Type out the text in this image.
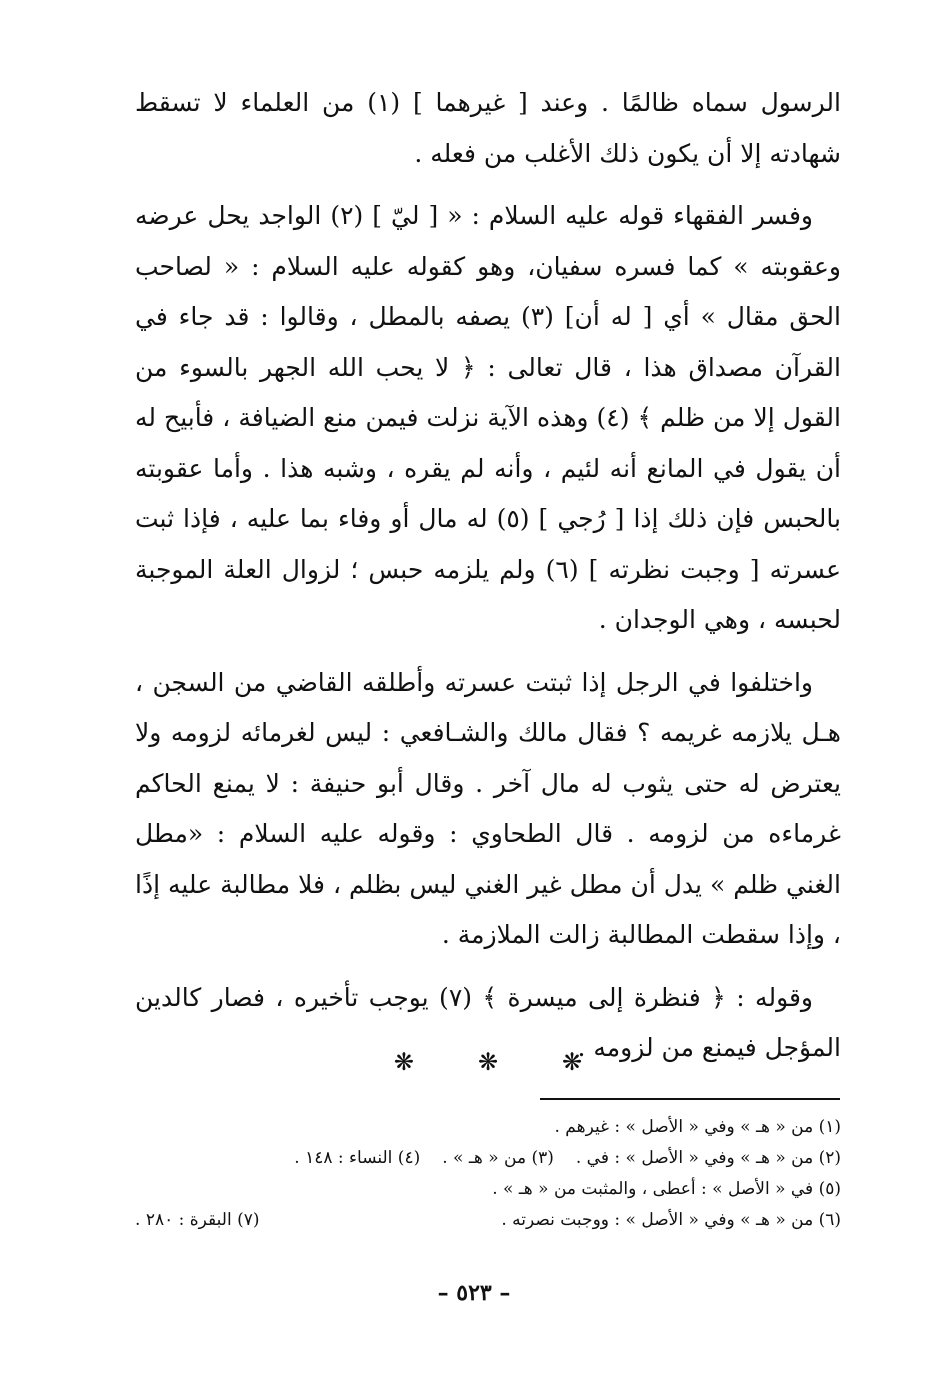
الرسول سماه ظالمًا . وعند [ غيرهما ] (١) من العلماء لا تسقط شهادته إلا أن يكون ذلك الأغلب من فعله .

وفسر الفقهاء قوله عليه السلام : « [ ليّ ] (٢) الواجد يحل عرضه وعقوبته » كما فسره سفيان، وهو كقوله عليه السلام : « لصاحب الحق مقال » أي [ له أن] (٣) يصفه بالمطل ، وقالوا : قد جاء في القرآن مصداق هذا ، قال تعالى : ﴿ لا يحب الله الجهر بالسوء من القول إلا من ظلم ﴾ (٤) وهذه الآية نزلت فيمن منع الضيافة ، فأبيح له أن يقول في المانع أنه لئيم ، وأنه لم يقره ، وشبه هذا . وأما عقوبته بالحبس فإن ذلك إذا [ رُجي ] (٥) له مال أو وفاء بما عليه ، فإذا ثبت عسرته [ وجبت نظرته ] (٦) ولم يلزمه حبس ؛ لزوال العلة الموجبة لحبسه ، وهي الوجدان .

واختلفوا في الرجل إذا ثبتت عسرته وأطلقه القاضي من السجن ، هـل يلازمه غريمه ؟ فقال مالك والشـافعي : ليس لغرمائه لزومه ولا يعترض له حتى يثوب له مال آخر . وقال أبو حنيفة : لا يمنع الحاكم غرماءه من لزومه . قال الطحاوي : وقوله عليه السلام : «مطل الغني ظلم » يدل أن مطل غير الغني ليس بظلم ، فلا مطالبة عليه إذًا ، وإذا سقطت المطالبة زالت الملازمة .

وقوله : ﴿ فنظرة إلى ميسرة ﴾ (٧) يوجب تأخيره ، فصار كالدين المؤجل فيمنع من لزومه .

❋	❋	❋
(١) من « هـ » وفي « الأصل » : غيرهم .
(٢) من « هـ » وفي « الأصل » : في .
(٣) من « هـ » .
(٤) النساء : ١٤٨ .
(٥) في « الأصل » : أعطى ، والمثبت من « هـ » .
(٦) من « هـ » وفي « الأصل » : ووجبت نصرته .
(٧) البقرة : ٢٨٠ .
– ٥٢٣ –
